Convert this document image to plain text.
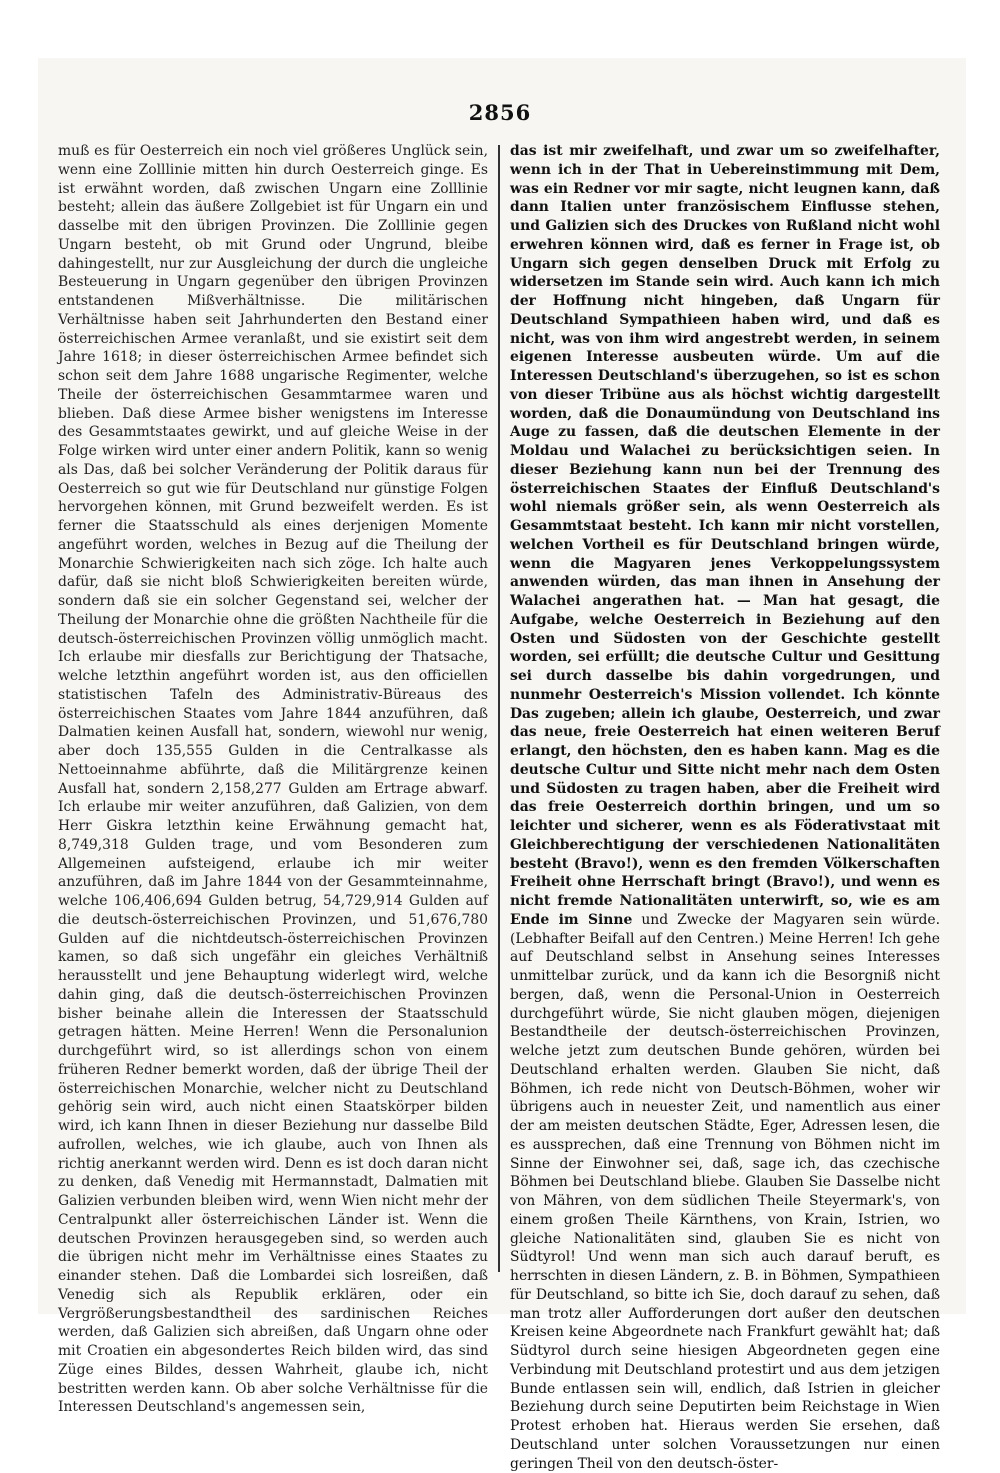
2856

muß es für Oesterreich ein noch viel größeres Unglück sein, wenn eine Zolllinie mitten hin durch Oesterreich ginge. Es ist erwähnt worden, daß zwischen Ungarn eine Zolllinie besteht; allein das äußere Zollgebiet ist für Ungarn ein und dasselbe mit den übrigen Provinzen. Die Zolllinie gegen Ungarn besteht, ob mit Grund oder Ungrund, bleibe dahingestellt, nur zur Ausgleichung der durch die ungleiche Besteuerung in Ungarn gegenüber den übrigen Provinzen entstandenen Mißverhältnisse. Die militärischen Verhältnisse haben seit Jahrhunderten den Bestand einer österreichischen Armee veranlaßt, und sie existirt seit dem Jahre 1618; in dieser österreichischen Armee befindet sich schon seit dem Jahre 1688 ungarische Regimenter, welche Theile der österreichischen Gesammtarmee waren und blieben. Daß diese Armee bisher wenigstens im Interesse des Gesammtstaates gewirkt, und auf gleiche Weise in der Folge wirken wird unter einer andern Politik, kann so wenig als Das, daß bei solcher Veränderung der Politik daraus für Oesterreich so gut wie für Deutschland nur günstige Folgen hervorgehen können, mit Grund bezweifelt werden. Es ist ferner die Staatsschuld als eines derjenigen Momente angeführt worden, welches in Bezug auf die Theilung der Monarchie Schwierigkeiten nach sich zöge. Ich halte auch dafür, daß sie nicht bloß Schwierigkeiten bereiten würde, sondern daß sie ein solcher Gegenstand sei, welcher der Theilung der Monarchie ohne die größten Nachtheile für die deutsch-österreichischen Provinzen völlig unmöglich macht. Ich erlaube mir diesfalls zur Berichtigung der Thatsache, welche letzthin angeführt worden ist, aus den officiellen statistischen Tafeln des Administrativ-Büreaus des österreichischen Staates vom Jahre 1844 anzuführen, daß Dalmatien keinen Ausfall hat, sondern, wiewohl nur wenig, aber doch 135,555 Gulden in die Centralkasse als Nettoeinnahme abführte, daß die Militärgrenze keinen Ausfall hat, sondern 2,158,277 Gulden am Ertrage abwarf. Ich erlaube mir weiter anzuführen, daß Galizien, von dem Herr Giskra letzthin keine Erwähnung gemacht hat, 8,749,318 Gulden trage, und vom Besonderen zum Allgemeinen aufsteigend, erlaube ich mir weiter anzuführen, daß im Jahre 1844 von der Gesammteinnahme, welche 106,406,694 Gulden betrug, 54,729,914 Gulden auf die deutsch-österreichischen Provinzen, und 51,676,780 Gulden auf die nichtdeutsch-österreichischen Provinzen kamen, so daß sich ungefähr ein gleiches Verhältniß herausstellt und jene Behauptung widerlegt wird, welche dahin ging, daß die deutsch-österreichischen Provinzen bisher beinahe allein die Interessen der Staatsschuld getragen hätten. Meine Herren! Wenn die Personalunion durchgeführt wird, so ist allerdings schon von einem früheren Redner bemerkt worden, daß der übrige Theil der österreichischen Monarchie, welcher nicht zu Deutschland gehörig sein wird, auch nicht einen Staatskörper bilden wird, ich kann Ihnen in dieser Beziehung nur dasselbe Bild aufrollen, welches, wie ich glaube, auch von Ihnen als richtig anerkannt werden wird. Denn es ist doch daran nicht zu denken, daß Venedig mit Hermannstadt, Dalmatien mit Galizien verbunden bleiben wird, wenn Wien nicht mehr der Centralpunkt aller österreichischen Länder ist. Wenn die deutschen Provinzen herausgegeben sind, so werden auch die übrigen nicht mehr im Verhältnisse eines Staates zu einander stehen. Daß die Lombardei sich losreißen, daß Venedig sich als Republik erklären, oder ein Vergrößerungsbestandtheil des sardinischen Reiches werden, daß Galizien sich abreißen, daß Ungarn ohne oder mit Croatien ein abgesondertes Reich bilden wird, das sind Züge eines Bildes, dessen Wahrheit, glaube ich, nicht bestritten werden kann. Ob aber solche Verhältnisse für die Interessen Deutschland's angemessen sein,

das ist mir zweifelhaft, und zwar um so zweifelhafter, wenn ich in der That in Uebereinstimmung mit Dem, was ein Redner vor mir sagte, nicht leugnen kann, daß dann Italien unter französischem Einflusse stehen, und Galizien sich des Druckes von Rußland nicht wohl erwehren können wird, daß es ferner in Frage ist, ob Ungarn sich gegen denselben Druck mit Erfolg zu widersetzen im Stande sein wird. Auch kann ich mich der Hoffnung nicht hingeben, daß Ungarn für Deutschland Sympathieen haben wird, und daß es nicht, was von ihm wird angestrebt werden, in seinem eigenen Interesse ausbeuten würde. Um auf die Interessen Deutschland's überzugehen, so ist es schon von dieser Tribüne aus als höchst wichtig dargestellt worden, daß die Donaumündung von Deutschland ins Auge zu fassen, daß die deutschen Elemente in der Moldau und Walachei zu berücksichtigen seien. In dieser Beziehung kann nun bei der Trennung des österreichischen Staates der Einfluß Deutschland's wohl niemals größer sein, als wenn Oesterreich als Gesammtstaat besteht. Ich kann mir nicht vorstellen, welchen Vortheil es für Deutschland bringen würde, wenn die Magyaren jenes Verkoppelungssystem anwenden würden, das man ihnen in Ansehung der Walachei angerathen hat. — Man hat gesagt, die Aufgabe, welche Oesterreich in Beziehung auf den Osten und Südosten von der Geschichte gestellt worden, sei erfüllt; die deutsche Cultur und Gesittung sei durch dasselbe bis dahin vorgedrungen, und nunmehr Oesterreich's Mission vollendet. Ich könnte Das zugeben; allein ich glaube, Oesterreich, und zwar das neue, freie Oesterreich hat einen weiteren Beruf erlangt, den höchsten, den es haben kann. Mag es die deutsche Cultur und Sitte nicht mehr nach dem Osten und Südosten zu tragen haben, aber die Freiheit wird das freie Oesterreich dorthin bringen, und um so leichter und sicherer, wenn es als Föderativstaat mit Gleichberechtigung der verschiedenen Nationalitäten besteht (Bravo!), wenn es den fremden Völkerschaften Freiheit ohne Herrschaft bringt (Bravo!), und wenn es nicht fremde Nationalitäten unterwirft, so, wie es am Ende im Sinne und Zwecke der Magyaren sein würde. (Lebhafter Beifall auf den Centren.) Meine Herren! Ich gehe auf Deutschland selbst in Ansehung seines Interesses unmittelbar zurück, und da kann ich die Besorgniß nicht bergen, daß, wenn die Personal-Union in Oesterreich durchgeführt würde, Sie nicht glauben mögen, diejenigen Bestandtheile der deutsch-österreichischen Provinzen, welche jetzt zum deutschen Bunde gehören, würden bei Deutschland erhalten werden. Glauben Sie nicht, daß Böhmen, ich rede nicht von Deutsch-Böhmen, woher wir übrigens auch in neuester Zeit, und namentlich aus einer der am meisten deutschen Städte, Eger, Adressen lesen, die es aussprechen, daß eine Trennung von Böhmen nicht im Sinne der Einwohner sei, daß, sage ich, das czechische Böhmen bei Deutschland bliebe. Glauben Sie Dasselbe nicht von Mähren, von dem südlichen Theile Steyermark's, von einem großen Theile Kärnthens, von Krain, Istrien, wo gleiche Nationalitäten sind, glauben Sie es nicht von Südtyrol! Und wenn man sich auch darauf beruft, es herrschten in diesen Ländern, z. B. in Böhmen, Sympathieen für Deutschland, so bitte ich Sie, doch darauf zu sehen, daß man trotz aller Aufforderungen dort außer den deutschen Kreisen keine Abgeordnete nach Frankfurt gewählt hat; daß Südtyrol durch seine hiesigen Abgeordneten gegen eine Verbindung mit Deutschland protestirt und aus dem jetzigen Bunde entlassen sein will, endlich, daß Istrien in gleicher Beziehung durch seine Deputirten beim Reichstage in Wien Protest erhoben hat. Hieraus werden Sie ersehen, daß Deutschland unter solchen Voraussetzungen nur einen geringen Theil von den deutsch-öster-
